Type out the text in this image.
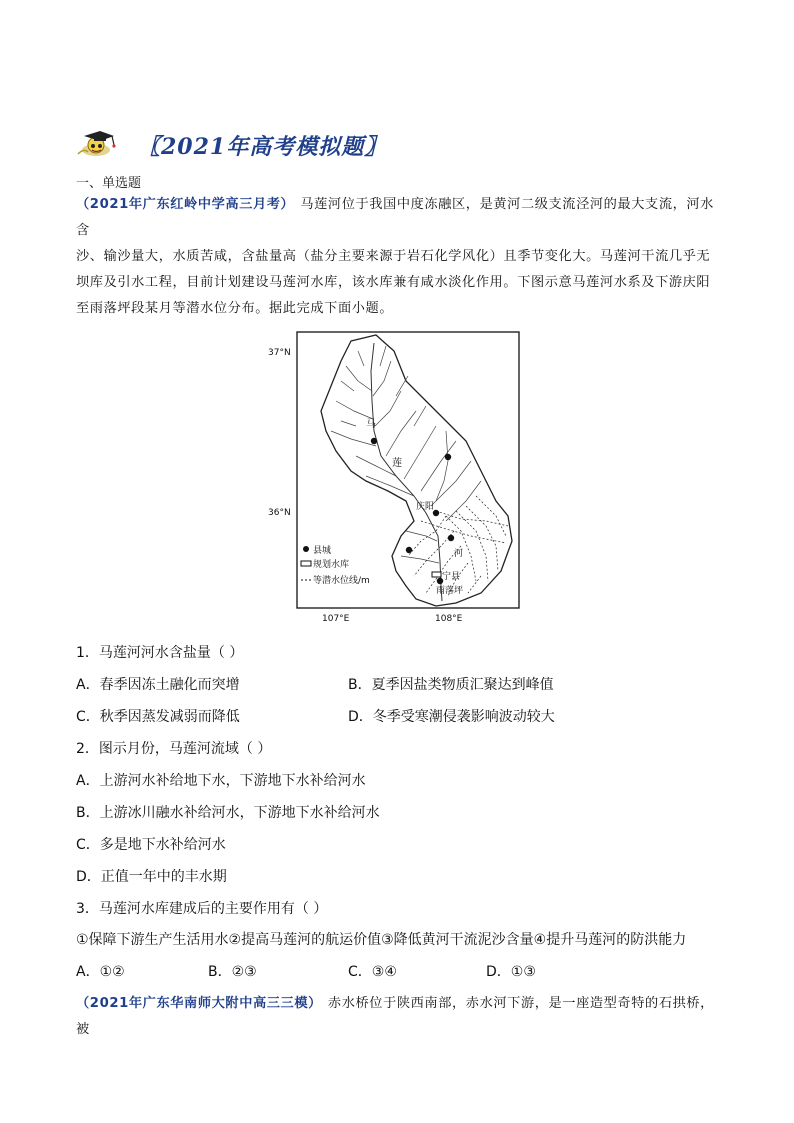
〖2021年高考模拟题〗
一、单选题
（2021年广东红岭中学高三月考） 马莲河位于我国中度冻融区，是黄河二级支流泾河的最大支流，河水含
沙、输沙量大，水质苦咸，含盐量高（盐分主要来源于岩石化学风化）且季节变化大。马莲河干流几乎无
坝库及引水工程，目前计划建设马莲河水库，该水库兼有咸水淡化作用。下图示意马莲河水系及下游庆阳
至雨落坪段某月等潜水位分布。据此完成下面小题。
马
莲
河
庆阳
宁县
雨落坪
县城
规划水库
等潜水位线/m
37°N
36°N
107°E	108°E
1．马莲河河水含盐量（ ）
A．春季因冻土融化而突增	B．夏季因盐类物质汇聚达到峰值
C．秋季因蒸发减弱而降低	D．冬季受寒潮侵袭影响波动较大
2．图示月份，马莲河流域（ ）
A．上游河水补给地下水，下游地下水补给河水
B．上游冰川融水补给河水，下游地下水补给河水
C．多是地下水补给河水
D．正值一年中的丰水期
3．马莲河水库建成后的主要作用有（ ）
①保障下游生产生活用水②提高马莲河的航运价值③降低黄河干流泥沙含量④提升马莲河的防洪能力
A．①②	B．②③	C．③④	D．①③
（2021年广东华南师大附中高三三模） 赤水桥位于陕西南部，赤水河下游，是一座造型奇特的石拱桥，被
